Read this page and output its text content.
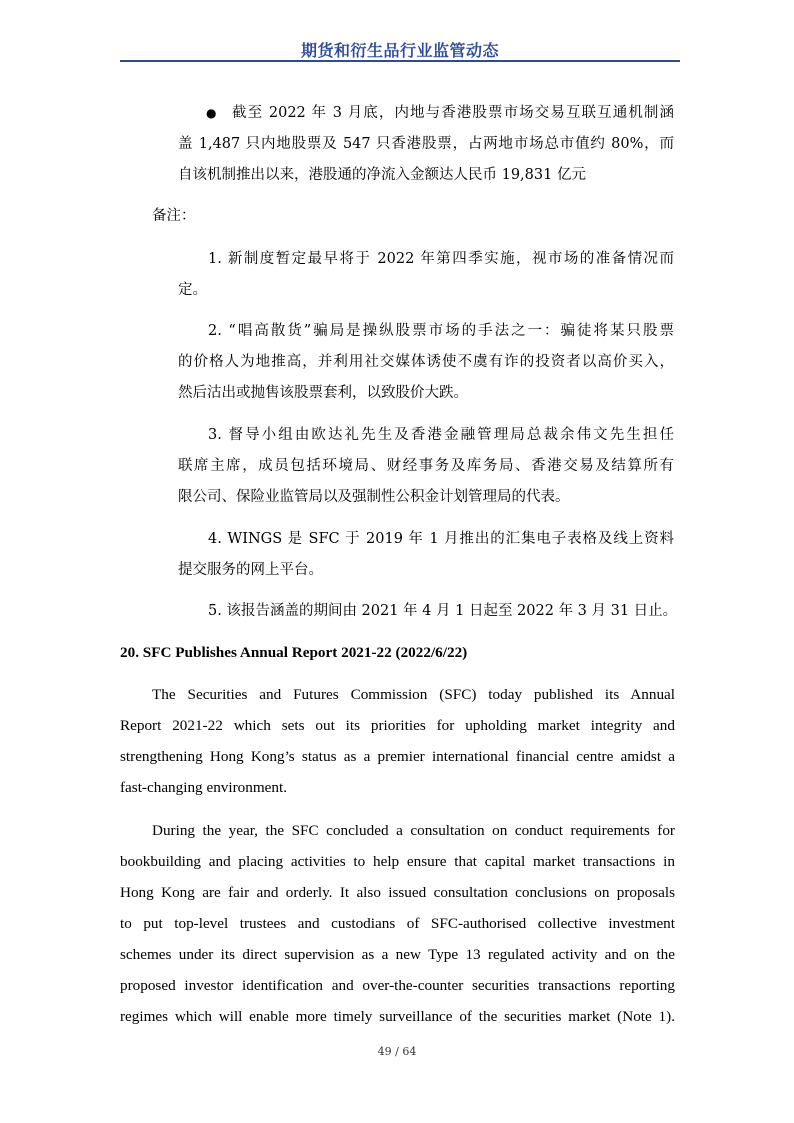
期货和衍生品行业监管动态
● 截至 2022 年 3 月底，内地与香港股票市场交易互联互通机制涵
盖 1,487 只内地股票及 547 只香港股票，占两地市场总市值约 80%，而
自该机制推出以来，港股通的净流入金额达人民币 19,831 亿元
备注：
1. 新制度暂定最早将于 2022 年第四季实施，视市场的准备情况而
定。
2. “唱高散货”骗局是操纵股票市场的手法之一：骗徒将某只股票
的价格人为地推高，并利用社交媒体诱使不虞有诈的投资者以高价买入，
然后沽出或抛售该股票套利，以致股价大跌。
3. 督导小组由欧达礼先生及香港金融管理局总裁余伟文先生担任
联席主席，成员包括环境局、财经事务及库务局、香港交易及结算所有
限公司、保险业监管局以及强制性公积金计划管理局的代表。
4. WINGS 是 SFC 于 2019 年 1 月推出的汇集电子表格及线上资料
提交服务的网上平台。
5. 该报告涵盖的期间由 2021 年 4 月 1 日起至 2022 年 3 月 31 日止。
20. SFC Publishes Annual Report 2021-22 (2022/6/22)
The Securities and Futures Commission (SFC) today published its Annual
Report 2021-22 which sets out its priorities for upholding market integrity and
strengthening Hong Kong’s status as a premier international financial centre amidst a
fast-changing environment.
During the year, the SFC concluded a consultation on conduct requirements for
bookbuilding and placing activities to help ensure that capital market transactions in
Hong Kong are fair and orderly. It also issued consultation conclusions on proposals
to put top-level trustees and custodians of SFC-authorised collective investment
schemes under its direct supervision as a new Type 13 regulated activity and on the
proposed investor identification and over-the-counter securities transactions reporting
regimes which will enable more timely surveillance of the securities market (Note 1).
49 / 64
